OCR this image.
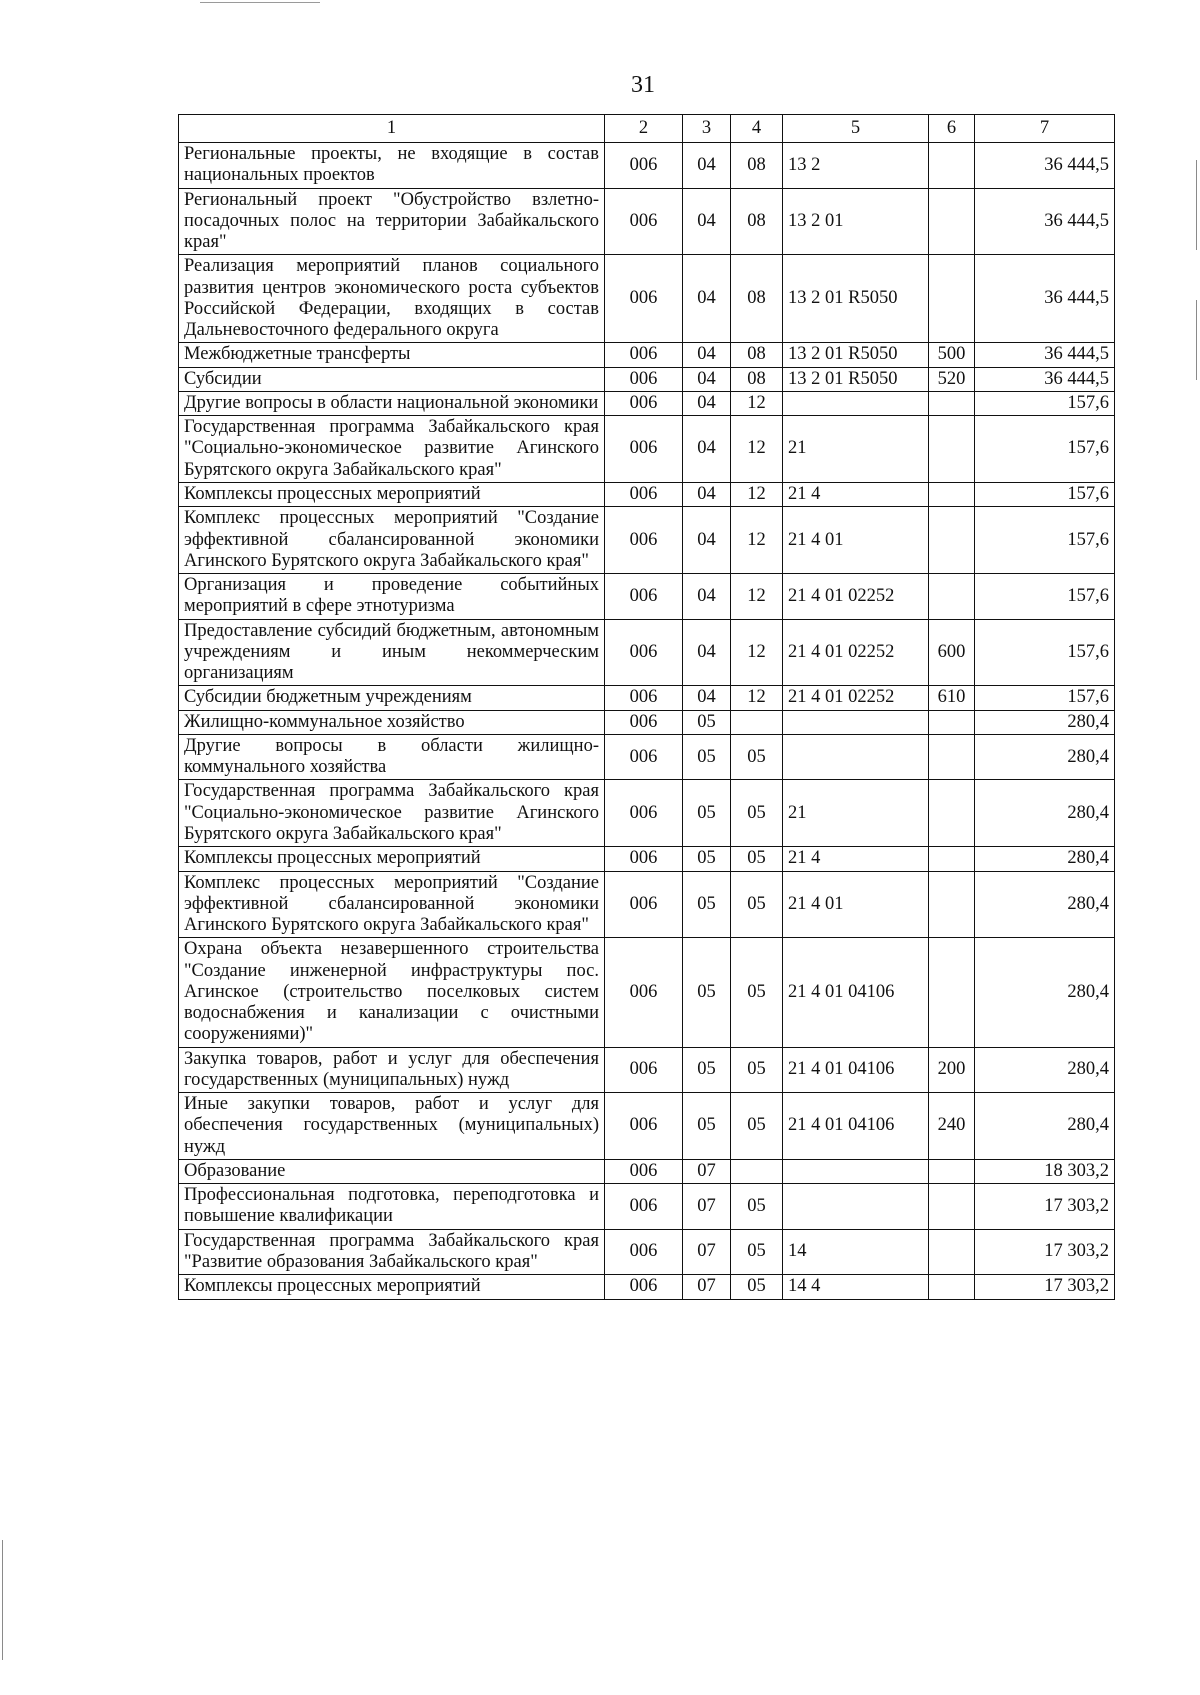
31
1	2	3	4	5	6	7
Региональные проекты, не входящие в состав национальных проектов	006	04	08	13 2		36 444,5
Региональный проект "Обустройство взлетно-посадочных полос на территории Забайкальского края"	006	04	08	13 2 01		36 444,5
Реализация мероприятий планов социального развития центров экономического роста субъектов Российской Федерации, входящих в состав Дальневосточного федерального округа	006	04	08	13 2 01 R5050		36 444,5
Межбюджетные трансферты	006	04	08	13 2 01 R5050	500	36 444,5
Субсидии	006	04	08	13 2 01 R5050	520	36 444,5
Другие вопросы в области национальной экономики	006	04	12			157,6
Государственная программа Забайкальского края "Социально-экономическое развитие Агинского Бурятского округа Забайкальского края"	006	04	12	21		157,6
Комплексы процессных мероприятий	006	04	12	21 4		157,6
Комплекс процессных мероприятий "Создание эффективной сбалансированной экономики Агинского Бурятского округа Забайкальского края"	006	04	12	21 4 01		157,6
Организация и проведение событийных мероприятий в сфере этнотуризма	006	04	12	21 4 01 02252		157,6
Предоставление субсидий бюджетным, автономным учреждениям и иным некоммерческим организациям	006	04	12	21 4 01 02252	600	157,6
Субсидии бюджетным учреждениям	006	04	12	21 4 01 02252	610	157,6
Жилищно-коммунальное хозяйство	006	05				280,4
Другие вопросы в области жилищно-коммунального хозяйства	006	05	05			280,4
Государственная программа Забайкальского края "Социально-экономическое развитие Агинского Бурятского округа Забайкальского края"	006	05	05	21		280,4
Комплексы процессных мероприятий	006	05	05	21 4		280,4
Комплекс процессных мероприятий "Создание эффективной сбалансированной экономики Агинского Бурятского округа Забайкальского края"	006	05	05	21 4 01		280,4
Охрана объекта незавершенного строительства "Создание инженерной инфраструктуры пос. Агинское (строительство поселковых систем водоснабжения и канализации с очистными сооружениями)"	006	05	05	21 4 01 04106		280,4
Закупка товаров, работ и услуг для обеспечения государственных (муниципальных) нужд	006	05	05	21 4 01 04106	200	280,4
Иные закупки товаров, работ и услуг для обеспечения государственных (муниципальных) нужд	006	05	05	21 4 01 04106	240	280,4
Образование	006	07				18 303,2
Профессиональная подготовка, переподготовка и повышение квалификации	006	07	05			17 303,2
Государственная программа Забайкальского края "Развитие образования Забайкальского края"	006	07	05	14		17 303,2
Комплексы процессных мероприятий	006	07	05	14 4		17 303,2
